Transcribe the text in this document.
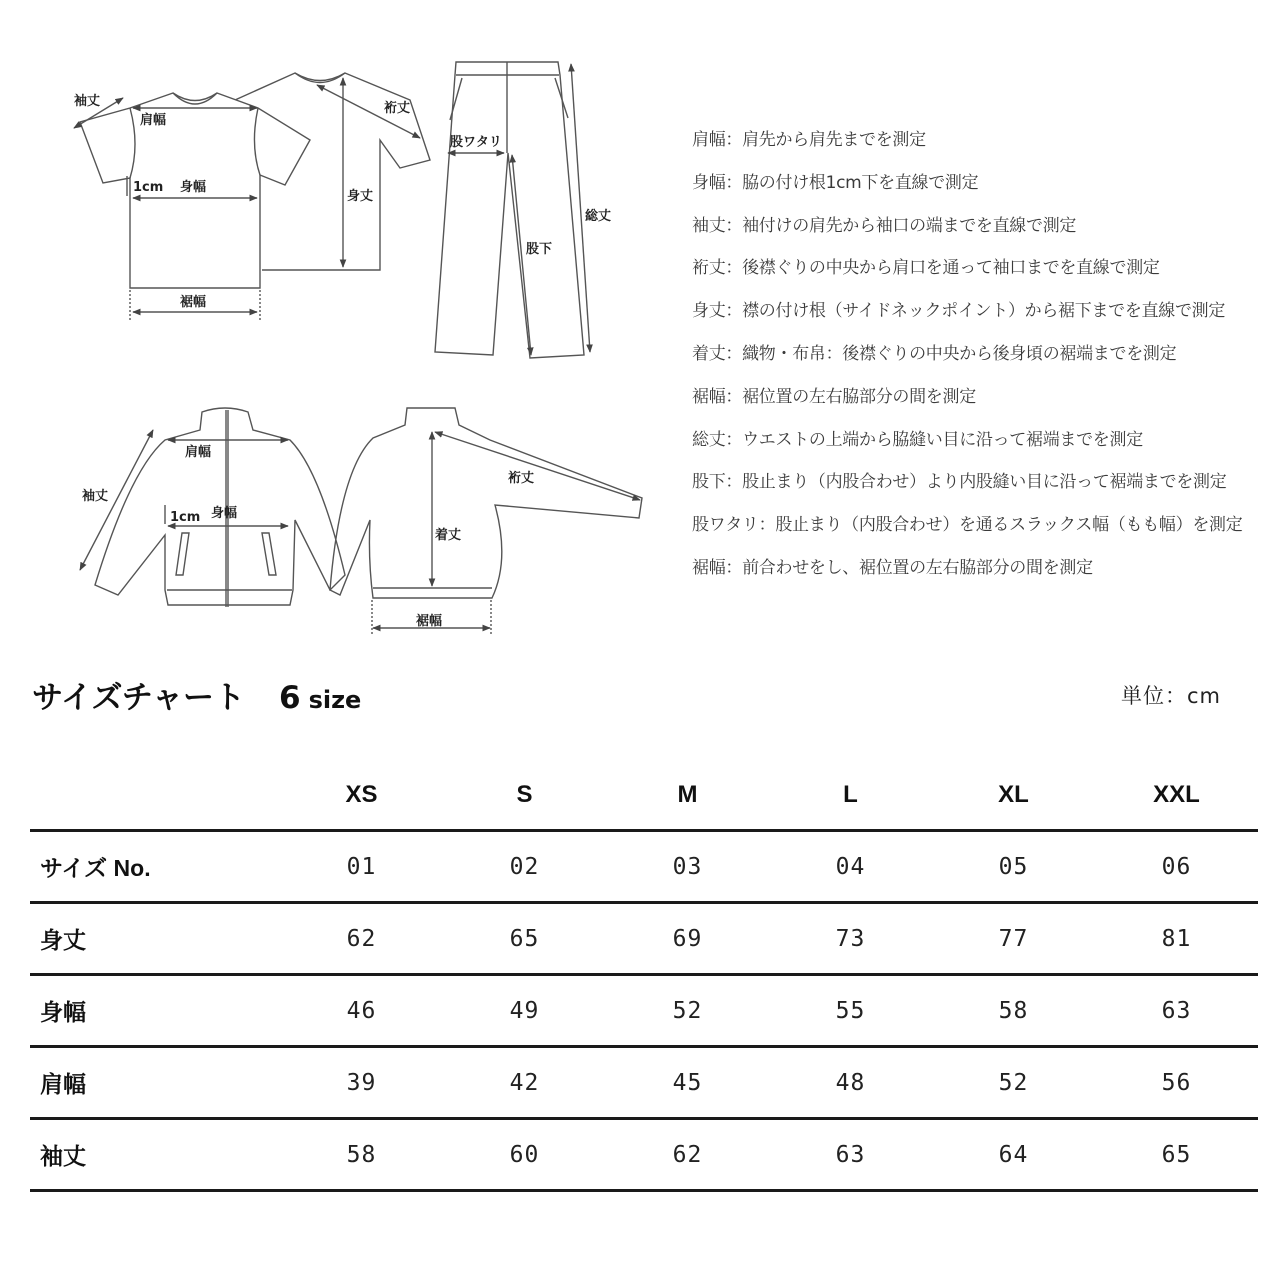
袖丈
肩幅
1cm 身幅
裾幅
裄丈
身丈
股ワタリ
総丈
股下
肩幅
袖丈
1cm 身幅
裄丈
着丈
裾幅
肩幅：肩先から肩先までを測定
身幅：脇の付け根1cm下を直線で測定
袖丈：袖付けの肩先から袖口の端までを直線で測定
裄丈：後襟ぐりの中央から肩口を通って袖口までを直線で測定
身丈：襟の付け根（サイドネックポイント）から裾下までを直線で測定
着丈：織物・布帛：後襟ぐりの中央から後身頃の裾端までを測定
裾幅：裾位置の左右脇部分の間を測定
総丈：ウエストの上端から脇縫い目に沿って裾端までを測定
股下：股止まり（内股合わせ）より内股縫い目に沿って裾端までを測定
股ワタリ：股止まり（内股合わせ）を通るスラックス幅（もも幅）を測定
裾幅：前合わせをし、裾位置の左右脇部分の間を測定
サイズチャート 6 size	単位：cm
	XS	S	M	L	XL	XXL
サイズ No.	01	02	03	04	05	06
身丈	62	65	69	73	77	81
身幅	46	49	52	55	58	63
肩幅	39	42	45	48	52	56
袖丈	58	60	62	63	64	65
